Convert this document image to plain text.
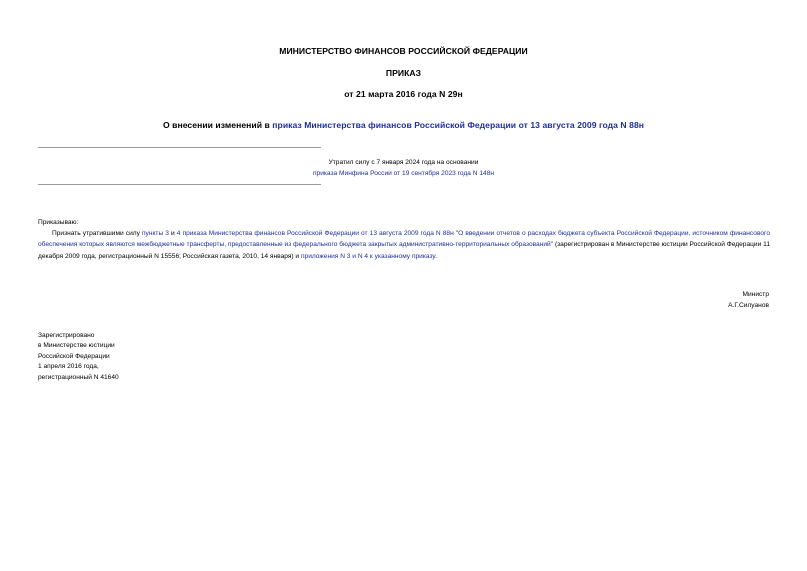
МИНИСТЕРСТВО ФИНАНСОВ РОССИЙСКОЙ ФЕДЕРАЦИИ
ПРИКАЗ
от 21 марта 2016 года N 29н
О внесении изменений в приказ Министерства финансов Российской Федерации от 13 августа 2009 года N 88н
Утратил силу с 7 января 2024 года на основании
приказа Минфина России от 19 сентября 2023 года N 148н
Приказываю:

Признать утратившими силу пункты 3 и 4 приказа Министерства финансов Российской Федерации от 13 августа 2009 года N 88н "О введении отчетов о расходах бюджета субъекта Российской Федерации, источником финансового обеспечения которых являются межбюджетные трансферты, предоставленные из федерального бюджета закрытых административно-территориальных образований" (зарегистрирован в Министерстве юстиции Российской Федерации 11 декабря 2009 года, регистрационный N 15556; Российская газета, 2010, 14 января) и приложения N 3 и N 4 к указанному приказу.

Министр
А.Г.Силуанов
Зарегистрировано
в Министерстве юстиции
Российской Федерации
1 апреля 2016 года,
регистрационный N 41640
